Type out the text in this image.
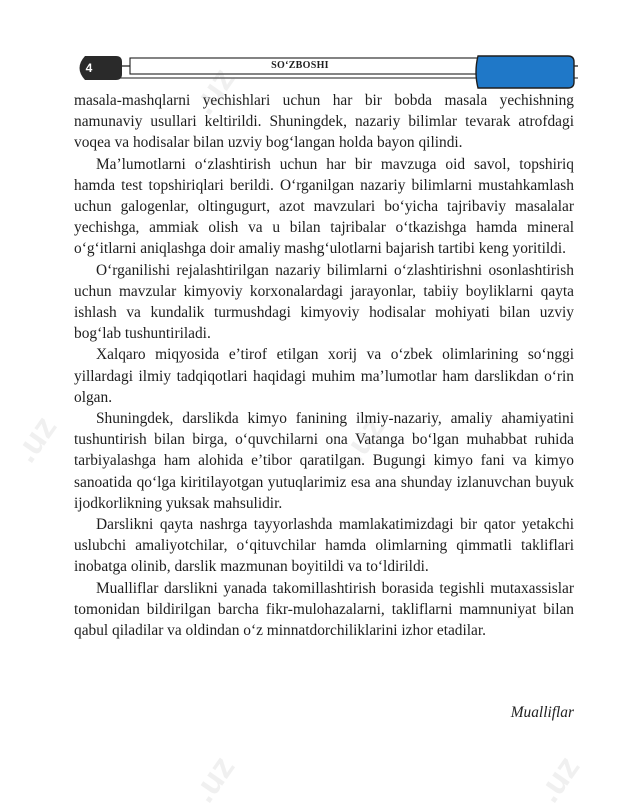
4	SO‘ZBOSHI

masala-mashqlarni yechishlari uchun har bir bobda masala yechishning namunaviy usullari keltirildi. Shuningdek, nazariy bilimlar tevarak atrofdagi voqea va hodisalar bilan uzviy bog‘langan holda bayon qilindi.

Ma’lumotlarni o‘zlashtirish uchun har bir mavzuga oid savol, topshiriq hamda test topshiriqlari berildi. O‘rganilgan nazariy bilimlarni mustahkamlash uchun galogenlar, oltingugurt, azot mavzulari bo‘yicha tajribaviy masalalar yechishga, ammiak olish va u bilan tajribalar o‘tkazishga hamda mineral o‘g‘itlarni aniqlashga doir amaliy mashg‘ulotlarni bajarish tartibi keng yoritildi.

O‘rganilishi rejalashtirilgan nazariy bilimlarni o‘zlashtirishni osonlashtirish uchun mavzular kimyoviy korxonalardagi jarayonlar, tabiiy boyliklarni qayta ishlash va kundalik turmushdagi kimyoviy hodisalar mohiyati bilan uzviy bog‘lab tushuntiriladi.

Xalqaro miqyosida e’tirof etilgan xorij va o‘zbek olimlarining so‘nggi yillardagi ilmiy tadqiqotlari haqidagi muhim ma’lumotlar ham darslikdan o‘rin olgan.

Shuningdek, darslikda kimyo fanining ilmiy-nazariy, amaliy ahamiyatini tushuntirish bilan birga, o‘quvchilarni ona Vatanga bo‘lgan muhabbat ruhida tarbiyalashga ham alohida e’tibor qaratilgan. Bugungi kimyo fani va kimyo sanoatida qo‘lga kiritilayotgan yutuqlarimiz esa ana shunday izlanuvchan buyuk ijodkorlikning yuksak mahsulidir.

Darslikni qayta nashrga tayyorlashda mamlakatimizdagi bir qator yetakchi uslubchi amaliyotchilar, o‘qituvchilar hamda olimlarning qimmatli takliflari inobatga olinib, darslik mazmunan boyitildi va to‘ldirildi.

Mualliflar darslikni yanada takomillashtirish borasida tegishli mutaxassislar tomonidan bildirilgan barcha fikr-mulohazalarni, takliflarni mamnuniyat bilan qabul qiladilar va oldindan o‘z minnatdorchiliklarini izhor etadilar.

Mualliflar
.uz
.uz	.uz
.uz	.uz
